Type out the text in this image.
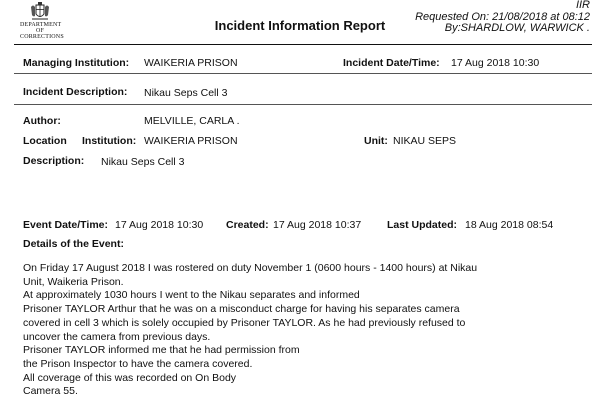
DEPARTMENT
OF CORRECTIONS
Incident Information Report
IIR
Requested On: 21/08/2018 at 08:12
By:SHARDLOW, WARWICK .
Managing Institution: WAIKERIA PRISON	Incident Date/Time: 17 Aug 2018 10:30
Incident Description: Nikau Seps Cell 3
Author:	MELVILLE, CARLA .
Location Institution: WAIKERIA PRISON	Unit: NIKAU SEPS
Description: Nikau Seps Cell 3
Event Date/Time: 17 Aug 2018 10:30 Created: 17 Aug 2018 10:37 Last Updated: 18 Aug 2018 08:54
Details of the Event:
On Friday 17 August 2018 I was rostered on duty November 1 (0600 hours - 1400 hours) at Nikau
Unit, Waikeria Prison.
At approximately 1030 hours I went to the Nikau separates and informed
Prisoner TAYLOR Arthur that he was on a misconduct charge for having his separates camera
covered in cell 3 which is solely occupied by Prisoner TAYLOR. As he had previously refused to
uncover the camera from previous days.
Prisoner TAYLOR informed me that he had permission from
the Prison Inspector to have the camera covered.
All coverage of this was recorded on On Body
Camera 55.
